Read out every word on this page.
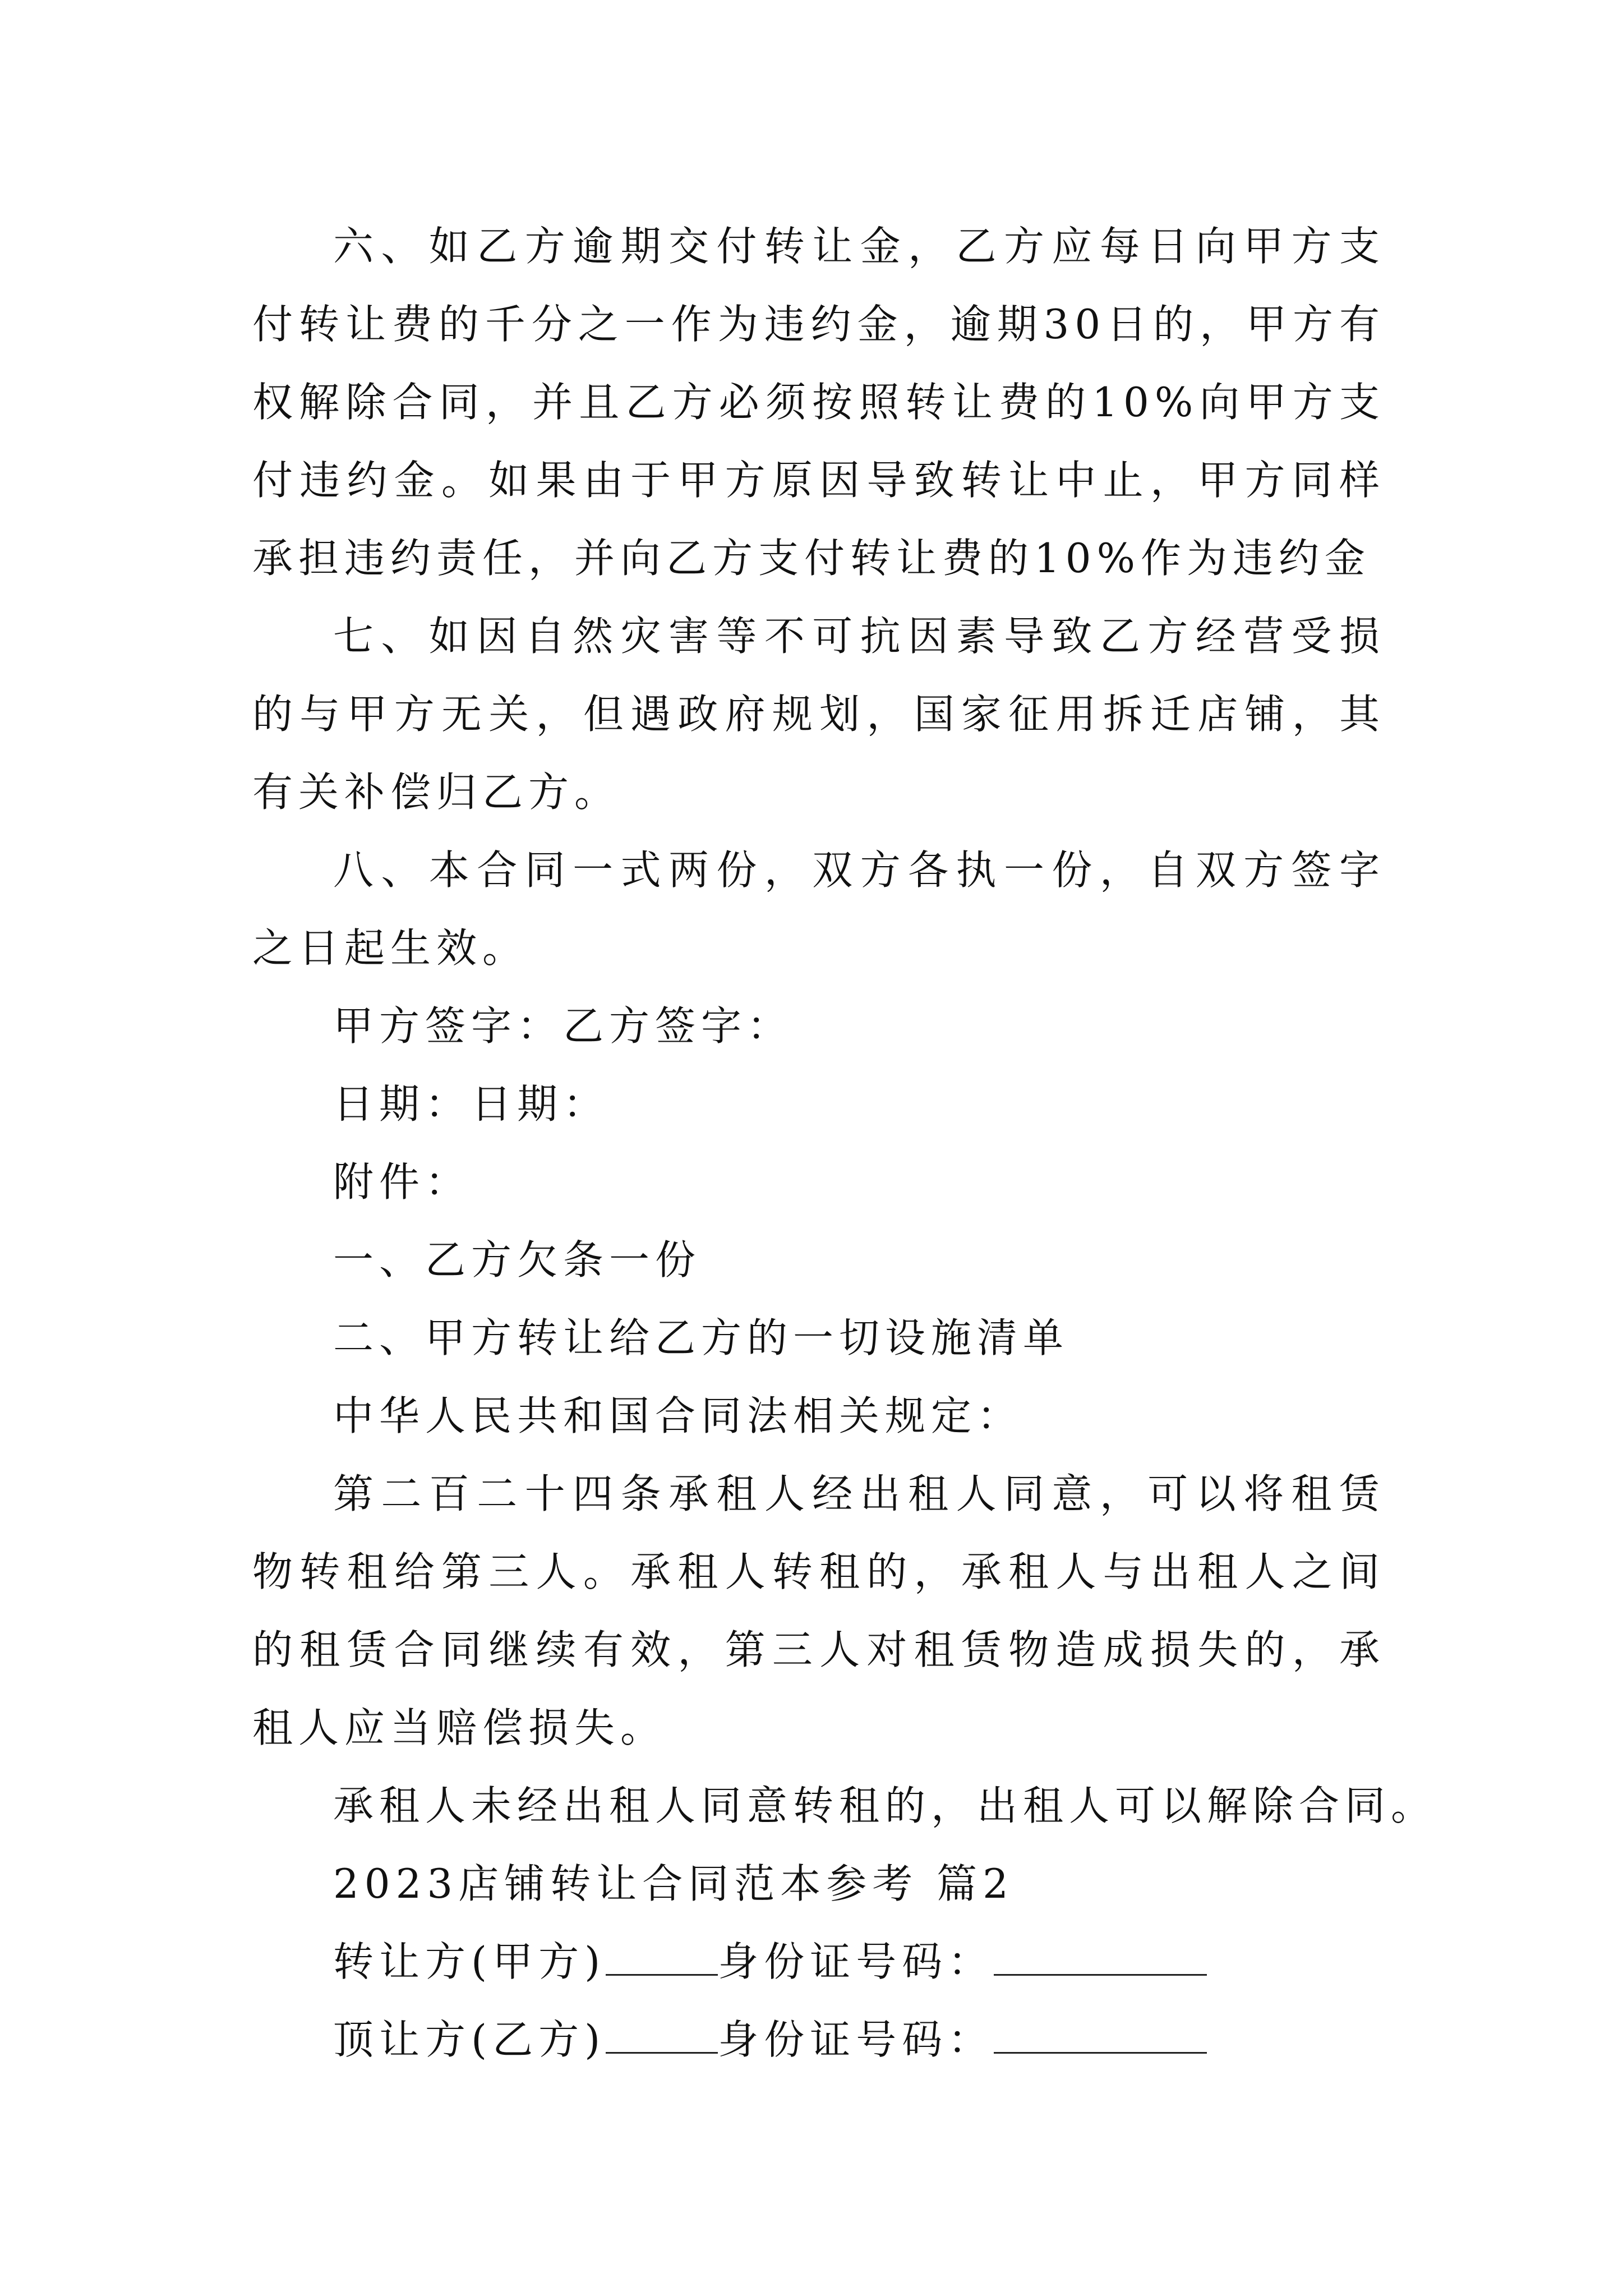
六、如乙方逾期交付转让金，乙方应每日向甲方支付转让费的千分之一作为违约金，逾期30日的，甲方有权解除合同，并且乙方必须按照转让费的10%向甲方支付违约金。如果由于甲方原因导致转让中止，甲方同样承担违约责任，并向乙方支付转让费的10%作为违约金

七、如因自然灾害等不可抗因素导致乙方经营受损的与甲方无关，但遇政府规划，国家征用拆迁店铺，其有关补偿归乙方。

八、本合同一式两份，双方各执一份，自双方签字之日起生效。

甲方签字：乙方签字：

日期：日期：

附件：

一、乙方欠条一份

二、甲方转让给乙方的一切设施清单

中华人民共和国合同法相关规定：

第二百二十四条承租人经出租人同意，可以将租赁物转租给第三人。承租人转租的，承租人与出租人之间的租赁合同继续有效，第三人对租赁物造成损失的，承租人应当赔偿损失。

承租人未经出租人同意转租的，出租人可以解除合同。

2023店铺转让合同范本参考 篇2

转让方(甲方)	身份证号码：

顶让方(乙方)	身份证号码：
